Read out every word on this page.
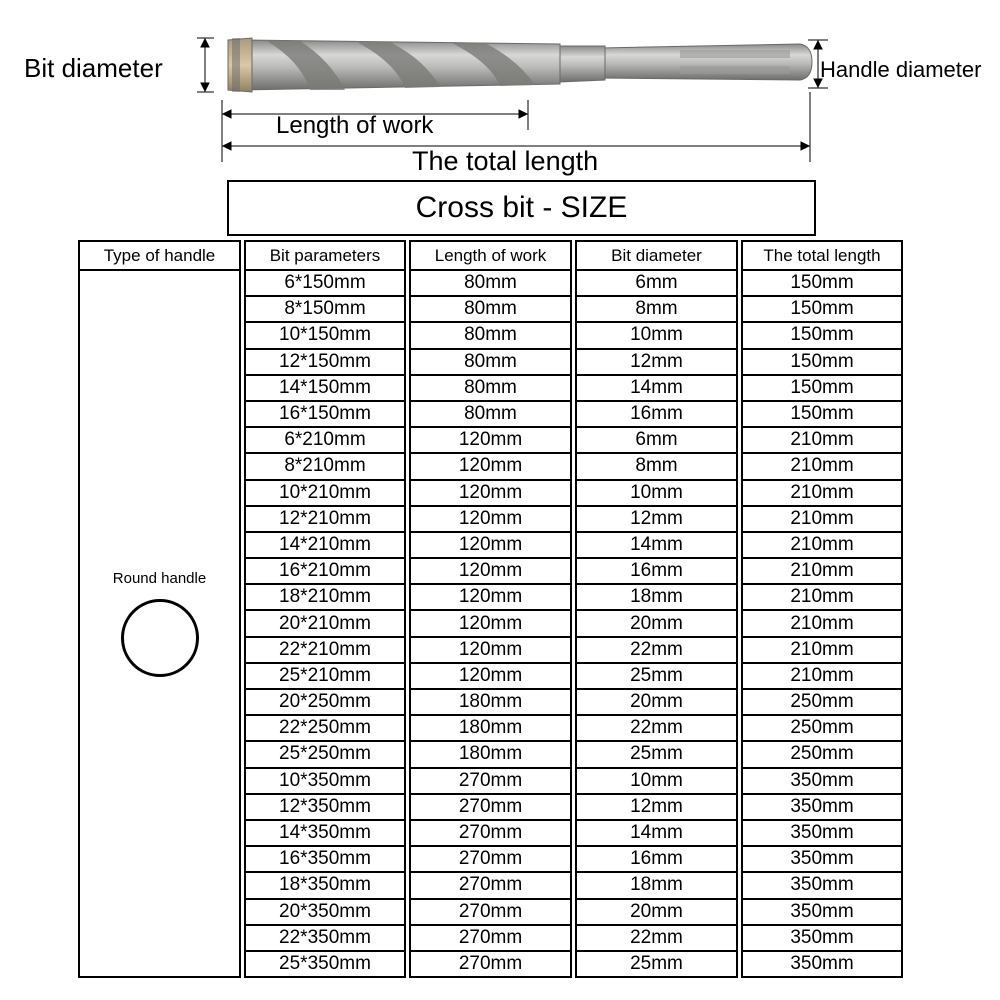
Bit diameter	Handle diameter
Length of work
The total length
Cross bit - SIZE
Type of handle	Bit parameters	Length of work	Bit diameter	The total length

Round handle	6*150mm	80mm	6mm	150mm
	8*150mm	80mm	8mm	150mm
	10*150mm	80mm	10mm	150mm
	12*150mm	80mm	12mm	150mm
	14*150mm	80mm	14mm	150mm
	16*150mm	80mm	16mm	150mm
	6*210mm	120mm	6mm	210mm
	8*210mm	120mm	8mm	210mm
	10*210mm	120mm	10mm	210mm
	12*210mm	120mm	12mm	210mm
	14*210mm	120mm	14mm	210mm
	16*210mm	120mm	16mm	210mm
	18*210mm	120mm	18mm	210mm
	20*210mm	120mm	20mm	210mm
	22*210mm	120mm	22mm	210mm
	25*210mm	120mm	25mm	210mm
	20*250mm	180mm	20mm	250mm
	22*250mm	180mm	22mm	250mm
	25*250mm	180mm	25mm	250mm
	10*350mm	270mm	10mm	350mm
	12*350mm	270mm	12mm	350mm
	14*350mm	270mm	14mm	350mm
	16*350mm	270mm	16mm	350mm
	18*350mm	270mm	18mm	350mm
	20*350mm	270mm	20mm	350mm
	22*350mm	270mm	22mm	350mm
	25*350mm	270mm	25mm	350mm
